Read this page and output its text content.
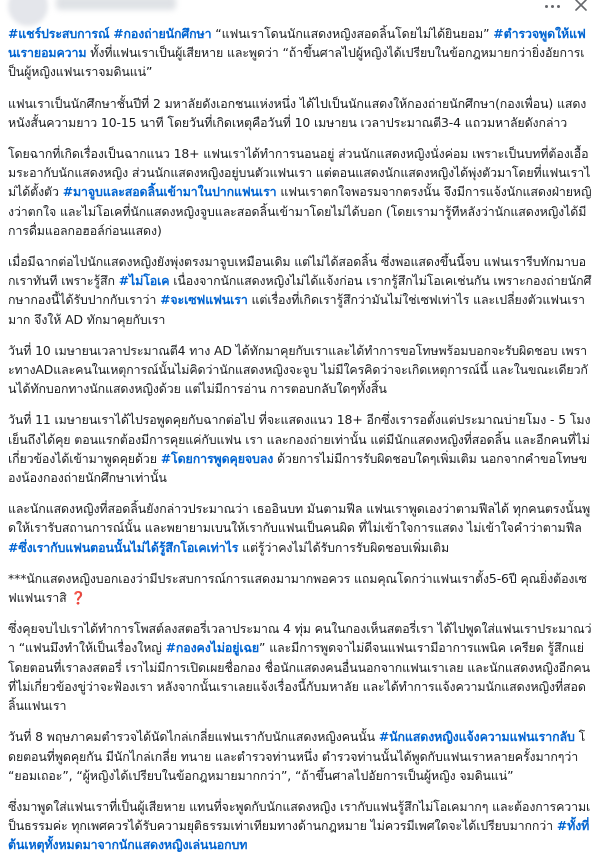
#แชร์ประสบการณ์ #กองถ่ายนักศึกษา “แฟนเราโดนนักแสดงหญิงสอดลิ้นโดยไม่ได้ยินยอม” #ตำรวจพูดให้แฟนเรายอมความ ทั้งที่แฟนเราเป็นผู้เสียหาย และพูดว่า “ถ้าขึ้นศาลไปผู้หญิงได้เปรียบในข้อกฎหมายกว่ายิ่งอัยการเป็นผู้หญิงแฟนเราจมดินแน่”

แฟนเราเป็นนักศึกษาชั้นปีที่ 2 มหาลัยดังเอกชนแห่งหนึ่ง ได้ไปเป็นนักแสดงให้กองถ่ายนักศึกษา(กองเพื่อน) แสดงหนังสั้นความยาว 10-15 นาที โดยวันที่เกิดเหตุคือวันที่ 10 เมษายน เวลาประมาณตี3-4 แถวมหาลัยดังกล่าว

โดยฉากที่เกิดเรื่องเป็นฉากแนว 18+ แฟนเราได้ทำการนอนอยู่ ส่วนนักแสดงหญิงนั่งค่อม เพราะเป็นบทที่ต้องเอื้อมระอากับนักแสดงหญิง ส่วนนักแสดงหญิงอยู่บนตัวแฟนเรา แต่ตอนแสดงนักแสดงหญิงได้พุ่งตัวมาโดยที่แฟนเราไม่ได้ตั้งตัว #มาจูบและสอดลิ้นเข้ามาในปากแฟนเรา แฟนเราตกใจพอรมจากตรงนั้น จึงมีการแจ้งนักแสดงฝ่ายหญิงว่าตกใจ และไม่โอเคที่นักแสดงหญิงจูบและสอดลิ้นเข้ามาโดยไม่ได้บอก (โดยเรามารู้ทีหลังว่านักแสดงหญิงได้มีการดื่มแอลกอฮอล์ก่อนแสดง)

เมื่อมีฉากต่อไปนักแสดงหญิงยังพุ่งตรงมาจูบเหมือนเดิม แต่ไม่ได้สอดลิ้น ซึ่งพอแสดงขึ้นนี้จบ แฟนเรารีบทักมาบอกเราทันที เพราะรู้สึก #ไม่โอเค เนื่องจากนักแสดงหญิงไม่ได้แจ้งก่อน เรากรู้สึกไม่โอเคเช่นกัน เพราะกองถ่ายนักศึกษากองนี้ได้รับปากกับเราว่า #จะเซฟแฟนเรา แต่เรื่องที่เกิดเรารู้สึกว่ามันไม่ใช่เซฟเท่าไร และเปลี่ยงตัวแฟนเรามาก จึงให้ AD ทักมาคุยกับเรา

วันที่ 10 เมษายนเวลาประมาณตี4 ทาง AD ได้ทักมาคุยกับเราและได้ทำการขอโทษพร้อมบอกจะรับผิดชอบ เพราะทางADและคนในเหตุการณ์นั้นไม่คิดว่านักแสดงหญิงจะจูบ ไม่มีใครคิดว่าจะเกิดเหตุการณ์นี้ และในขณะเดียวกันได้ทักบอกทางนักแสดงหญิงด้วย แต่ไม่มีการอ่าน การตอบกลับใดๆทั้งสิ้น

วันที่ 11 เมษายนเราได้ไปรอพูดคุยกับฉากต่อไป ที่จะแสดงแนว 18+ อีกซึ่งเรารอตั้งแต่ประมาณบ่ายโมง - 5 โมงเย็นถึงได้คุย ตอนแรกต้องมีการคุยแค่กับแฟน เรา และกองถ่ายเท่านั้น แต่มีนักแสดงหญิงที่สอดลิ้น และอีกคนที่ไม่เกี่ยวข้องได้เข้ามาพูดคุยด้วย #โดยการพูดคุยจบลง ด้วยการไม่มีการรับผิดชอบใดๆเพิ่มเติม นอกจากคำขอโทษของน้องกองถ่ายนักศึกษาเท่านั้น

และนักแสดงหญิงที่สอดลิ้นยังกล่าวประมาณว่า เธออินบท มันตามฟีล แฟนเราพูดเองว่าตามฟีลได้ ทุกคนตรงนั้นพูดให้เรารับสถานการณ์นั้น และพยายามเบนให้เรากับแฟนเป็นคนผิด ที่ไม่เข้าใจการแสดง ไม่เข้าใจคำว่าตามฟีล #ซึ่งเรากับแฟนตอนนั้นไม่ได้รู้สึกโอเคเท่าไร แต่รู้ว่าคงไม่ได้รับการรับผิดชอบเพิ่มเติม

***นักแสดงหญิงบอกเองว่ามีประสบการณ์การแสดงมามากพอควร แถมคุณโดกว่าแฟนเราตั้ง5-6ปี คุณยิ่งต้องเซฟแฟนเราสิ ❓

ซึ่งคุยจบไปเราได้ทำการโพสต์ลงสตอรี่เวลาประมาณ 4 ทุ่ม คนในกองเห็นสตอรี่เรา ได้ไปพูดใส่แฟนเราประมาณว่า “แฟนมึงทำให้เป็นเรื่องใหญ่ #กองคงไม่อยู่เฉย” และมีการพูดจาไม่ดีจนแฟนเรามีอาการแพนิค เครียด รู้สึกแย่ โดยตอนที่เราลงสตอรี่ เราไม่มีการเปิดเผยชื่อกอง ชื่อนักแสดงคนอื่นนอกจากแฟนเราเลย และนักแสดงหญิงอีกคนที่ไม่เกี่ยวข้องขู่ว่าจะฟ้องเรา หลังจากนั้นเราเลยแจ้งเรื่องนี้กับมหาลัย และได้ทำการแจ้งความนักแสดงหญิงที่สอดลิ้นแฟนเรา

วันที่ 8 พฤษภาคมตำรวจได้นัดไกล่เกลี่ยแฟนเรากับนักแสดงหญิงคนนั้น #นักแสดงหญิงแจ้งความแฟนเรากลับ โดยตอนที่พูดคุยกัน มีนักไกล่เกลี่ย ทนาย และตำรวจท่านหนึ่ง ตำรวจท่านนั้นได้พูดกับแฟนเราหลายครั้งมากๆว่า “ยอมเถอะ”, “ผู้หญิงได้เปรียบในข้อกฎหมายมากกว่า”, “ถ้าขึ้นศาลไปอัยการเป็นผู้หญิง จมดินแน่”

ซึ่งมาพูดใส่แฟนเราที่เป็นผู้เสียหาย แทนที่จะพูดกับนักแสดงหญิง เรากับแฟนรู้สึกไม่โอเคมากๆ และต้องการความเป็นธรรมค่ะ ทุกเพศควรได้รับความยุติธรรมเท่าเทียมทางด้านกฎหมาย ไม่ควรมีเพศใดจะได้เปรียบมากกว่า #ทั้งที่ต้นเหตุทั้งหมดมาจากนักแสดงหญิงเล่นนอกบท
